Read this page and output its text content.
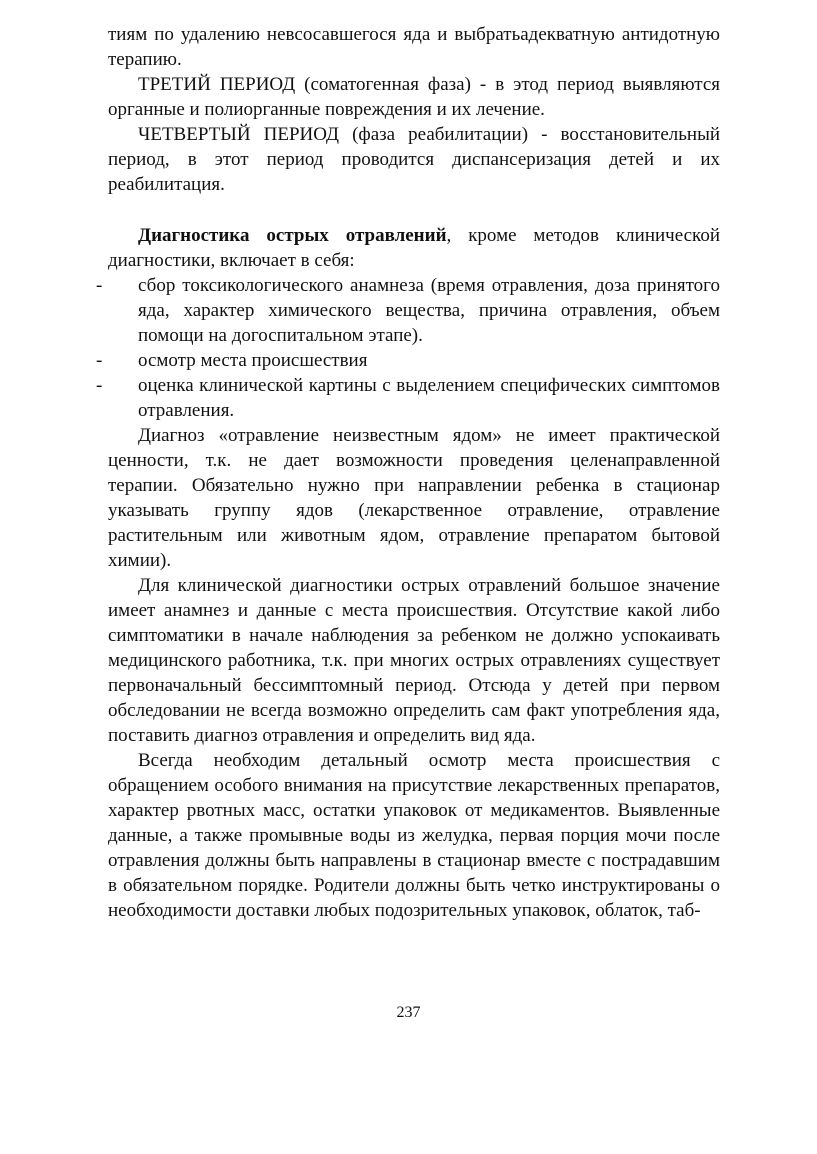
тиям по удалению невсосавшегося яда и выбратьадекватную антидотную терапию.

ТРЕТИЙ ПЕРИОД (соматогенная фаза) - в этод период выявляются органные и полиорганные повреждения и их лечение.

ЧЕТВЕРТЫЙ ПЕРИОД (фаза реабилитации) - восстановительный период, в этот период проводится диспансеризация детей и их реабилитация.

Диагностика острых отравлений, кроме методов клинической диагностики, включает в себя:

- сбор токсикологического анамнеза (время отравления, доза принятого яда, характер химического вещества, причина отравления, объем помощи на догоспитальном этапе).
- осмотр места происшествия
- оценка клинической картины с выделением специфических симптомов отравления.

Диагноз «отравление неизвестным ядом» не имеет практической ценности, т.к. не дает возможности проведения целенаправленной терапии. Обязательно нужно при направлении ребенка в стационар указывать группу ядов (лекарственное отравление, отравление растительным или животным ядом, отравление препаратом бытовой химии).

Для клинической диагностики острых отравлений большое значение имеет анамнез и данные с места происшествия. Отсутствие какой либо симптоматики в начале наблюдения за ребенком не должно успокаивать медицинского работника, т.к. при многих острых отравлениях существует первоначальный бессимптомный период. Отсюда у детей при первом обследовании не всегда возможно определить сам факт употребления яда, поставить диагноз отравления и определить вид яда.

Всегда необходим детальный осмотр места происшествия с обращением особого внимания на присутствие лекарственных препаратов, характер рвотных масс, остатки упаковок от медикаментов. Выявленные данные, а также промывные воды из желудка, первая порция мочи после отравления должны быть направлены в стационар вместе с пострадавшим в обязательном порядке. Родители должны быть четко инструктированы о необходимости доставки любых подозрительных упаковок, облаток, таб-

237
